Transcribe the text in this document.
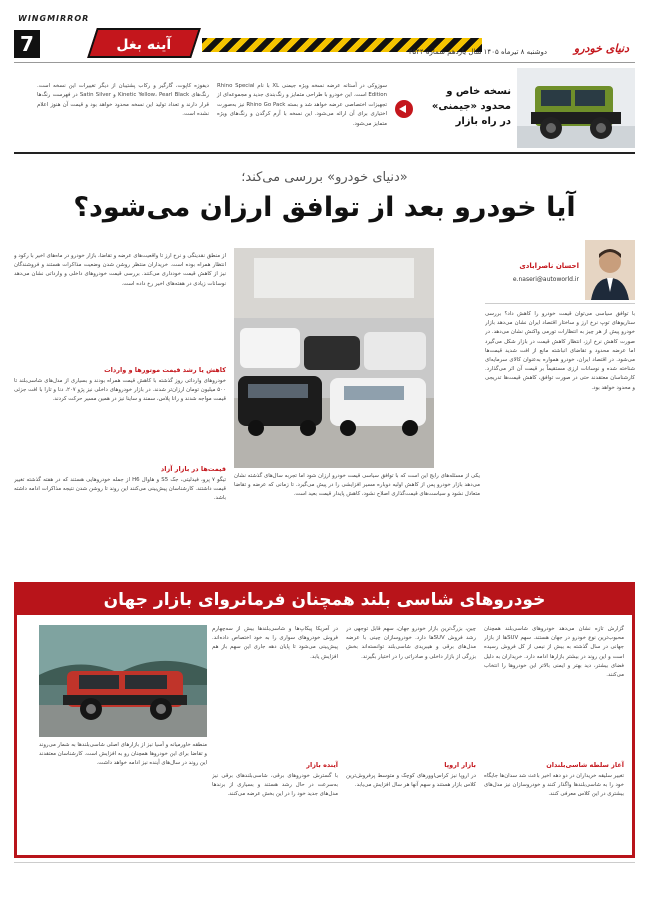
WINGMIRROR
7	آینه بغل	دوشنبه ۸ تیرماه ۱۴۰۵ سال یازدهم شماره ۲۵۴۴ دنیای خودرو
نسخه خاص و محدود «جیمنی» در راه بازار
سوزوکی در آستانه عرضه نسخه ویژه جیمنی XL با نام Rhino Special Edition است. این خودرو با طراحی متمایز و رنگ‌بندی جدید و مجموعه‌ای از تجهیزات اختصاصی عرضه خواهد شد و بسته Rhino Go Pack نیز به‌صورت اختیاری برای آن ارائه می‌شود. این نسخه با آرم کرگدن و رنگ‌های ویژه متمایز می‌شود.
دیفوزه کاپوت، گارگیر و رکاب پشتیبان از دیگر تغییرات این نسخه است. رنگ‌های Kinetic Yellow، Pearl Black و Satin Silver در فهرست رنگ‌ها قرار دارند و تعداد تولید این نسخه محدود خواهد بود و قیمت آن هنوز اعلام نشده است.
«دنیای خودرو» بررسی می‌کند؛
آیا خودرو بعد از توافق ارزان می‌شود؟
احسان ناصرابادی
e.naseri@autoworld.ir
با توافق سیاسی می‌توان قیمت خودرو را کاهش داد؟ بررسی سناریوهای توپ نرخ ارز و ساختار اقتصاد ایران نشان می‌دهد بازار خودرو پیش از هر چیز به انتظارات تورمی واکنش نشان می‌دهد. در صورت کاهش نرخ ارز، انتظار کاهش قیمت در بازار شکل می‌گیرد اما عرضه محدود و تقاضای انباشته مانع از افت شدید قیمت‌ها می‌شود. در اقتصاد ایران، خودرو همواره به‌عنوان کالای سرمایه‌ای شناخته شده و نوسانات ارزی مستقیماً بر قیمت آن اثر می‌گذارد. کارشناسان معتقدند حتی در صورت توافق، کاهش قیمت‌ها تدریجی و محدود خواهد بود.
یکی از مسئله‌های رایج این است که با توافق سیاسی قیمت خودرو ارزان شود اما تجربه سال‌های گذشته نشان می‌دهد بازار خودرو پس از کاهش اولیه دوباره مسیر افزایشی را در پیش می‌گیرد. تا زمانی که عرضه و تقاضا متعادل نشود و سیاست‌های قیمت‌گذاری اصلاح نشود، کاهش پایدار قیمت بعید است.
از منطق نقدینگی و نرخ ارز تا واقعیت‌های عرضه و تقاضا، بازار خودرو در ماه‌های اخیر با رکود و انتظار همراه بوده است. خریداران منتظر روشن شدن وضعیت مذاکرات هستند و فروشندگان نیز از کاهش قیمت خودداری می‌کنند. بررسی قیمت خودروهای داخلی و وارداتی نشان می‌دهد نوسانات زیادی در هفته‌های اخیر رخ داده است.
کاهش یا رشد قیمت موتورها و واردات
خودروهای وارداتی روز گذشته با کاهش قیمت همراه بودند و بسیاری از مدل‌های شاسی‌بلند تا ۵۰۰ میلیون تومان ارزان‌تر شدند. در بازار خودروهای داخلی نیز پژو ۲۰۷، دنا و تارا با افت جزئی قیمت مواجه شدند و رانا پلاس، سمند و ساینا نیز در همین مسیر حرکت کردند.
قیمت‌ها در بازار آزاد
تیگو ۷ پرو، فیدلیتی، جک S5 و هاوال H6 از جمله خودروهایی هستند که در هفته گذشته تغییر قیمت داشتند. کارشناسان پیش‌بینی می‌کنند این روند تا روشن شدن نتیجه مذاکرات ادامه داشته باشد.
خودروهای شاسی بلند همچنان فرمانروای بازار جهان
گزارش تازه نشان می‌دهد خودروهای شاسی‌بلند همچنان محبوب‌ترین نوع خودرو در جهان هستند. سهم SUVها از بازار جهانی در سال گذشته به بیش از نیمی از کل فروش رسیده است و این روند در بیشتر بازارها ادامه دارد. خریداران به دلیل فضای بیشتر، دید بهتر و ایمنی بالاتر این خودروها را انتخاب می‌کنند.
آغاز سلطه شاسی‌بلندان
تغییر سلیقه خریداران در دو دهه اخیر باعث شد سدان‌ها جایگاه خود را به شاسی‌بلندها واگذار کنند و خودروسازان نیز مدل‌های بیشتری در این کلاس معرفی کنند.
چین، بزرگ‌ترین بازار خودرو جهان، سهم قابل توجهی در رشد فروش SUVها دارد. خودروسازان چینی با عرضه مدل‌های برقی و هیبریدی شاسی‌بلند توانسته‌اند بخش بزرگی از بازار داخلی و صادراتی را در اختیار بگیرند.
بازار اروپا
در اروپا نیز کراس‌اوورهای کوچک و متوسط پرفروش‌ترین کلاس بازار هستند و سهم آنها هر سال افزایش می‌یابد.
در آمریکا پیکاپ‌ها و شاسی‌بلندها بیش از سه‌چهارم فروش خودروهای سواری را به خود اختصاص داده‌اند. پیش‌بینی می‌شود تا پایان دهه جاری این سهم باز هم افزایش یابد.
آینده بازار
با گسترش خودروهای برقی، شاسی‌بلندهای برقی نیز به‌سرعت در حال رشد هستند و بسیاری از برندها مدل‌های جدید خود را در این بخش عرضه می‌کنند.
منطقه خاورمیانه و آسیا نیز از بازارهای اصلی شاسی‌بلندها به شمار می‌روند و تقاضا برای این خودروها همچنان رو به افزایش است. کارشناسان معتقدند این روند در سال‌های آینده نیز ادامه خواهد داشت.
